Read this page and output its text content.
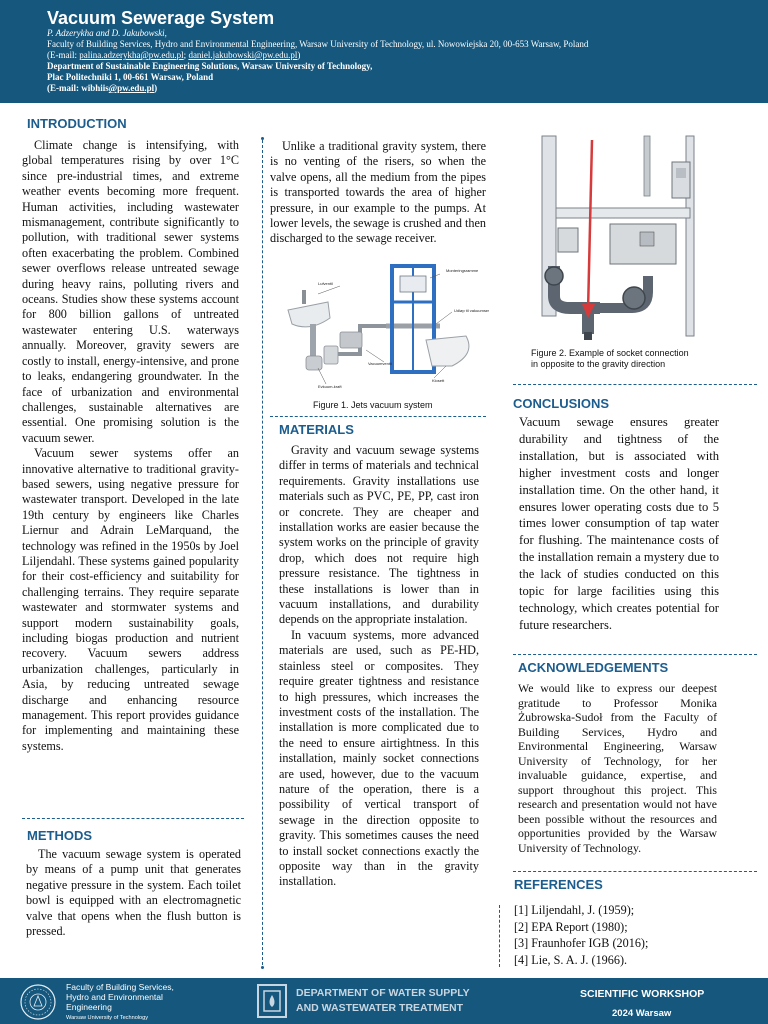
Vacuum Sewerage System
P. Adzerykha and D. Jakubowski,
Faculty of Building Services, Hydro and Environmental Engineering, Warsaw University of Technology, ul. Nowowiejska 20, 00-653 Warsaw, Poland
(E-mail: palina.adzerykha@pw.edu.pl; daniel.jakubowski@pw.edu.pl)
Department of Sustainable Engineering Solutions, Warsaw University of Technology,
Plac Politechniki 1, 00-661 Warsaw, Poland
(E-mail: wibhiis@pw.edu.pl)
INTRODUCTION

Climate change is intensifying, with global temperatures rising by over 1°C since pre-industrial times, and extreme weather events becoming more frequent. Human activities, including wastewater mismanagement, contribute significantly to pollution, with traditional sewer systems often exacerbating the problem. Combined sewer overflows release untreated sewage during heavy rains, polluting rivers and oceans. Studies show these systems account for 800 billion gallons of untreated wastewater entering U.S. waterways annually. Moreover, gravity sewers are costly to install, energy-intensive, and prone to leaks, endangering groundwater. In the face of urbanization and environmental challenges, sustainable alternatives are essential. One promising solution is the vacuum sewer.

Vacuum sewer systems offer an innovative alternative to traditional gravity-based sewers, using negative pressure for wastewater transport. Developed in the late 19th century by engineers like Charles Liernur and Adrain LeMarquand, the technology was refined in the 1950s by Joel Liljendahl. These systems gained popularity for their cost-efficiency and suitability for challenging terrains. They require separate wastewater and stormwater systems and support modern sustainability goals, including biogas production and nutrient recovery. Vacuum sewers address urbanization challenges, particularly in Asia, by reducing untreated sewage discharge and enhancing resource management. This report provides guidance for implementing and maintaining these systems.

METHODS

The vacuum sewage system is operated by means of a pump unit that generates negative pressure in the system. Each toilet bowl is equipped with an electromagnetic valve that opens when the flush button is pressed.

Unlike a traditional gravity system, there is no venting of the risers, so when the valve opens, all the medium from the pipes is transported towards the area of higher pressure, in our example to the pumps. At lower levels, the sewage is crushed and then discharged to the sewage receiver.

Lufventil
Monteringsramme
Udløp til vakuumrør
Vacuumventil
Evkuum-kraft
Klosett
Figure 1. Jets vacuum system
MATERIALS

Gravity and vacuum sewage systems differ in terms of materials and technical requirements. Gravity installations use materials such as PVC, PE, PP, cast iron or concrete. They are cheaper and installation works are easier because the system works on the principle of gravity drop, which does not require high pressure resistance. The tightness in these installations is lower than in vacuum installations, and durability depends on the appropriate instalation.

In vacuum systems, more advanced materials are used, such as PE-HD, stainless steel or composites. They require greater tightness and resistance to high pressures, which increases the investment costs of the installation. The installation is more complicated due to the need to ensure airtightness. In this installation, mainly socket connections are used, however, due to the vacuum nature of the operation, there is a possibility of vertical transport of sewage in the direction opposite to gravity. This sometimes causes the need to install socket connections exactly the opposite way than in the gravity installation.

Figure 2. Example of socket connection
in opposite to the gravity direction
CONCLUSIONS

Vacuum sewage ensures greater durability and tightness of the installation, but is associated with higher investment costs and longer installation time. On the other hand, it ensures lower operating costs due to 5 times lower consumption of tap water for flushing. The maintenance costs of the installation remain a mystery due to the lack of studies conducted on this topic for large facilities using this technology, which creates potential for future researchers.

ACKNOWLEDGEMENTS

We would like to express our deepest gratitude to Professor Monika Żubrowska-Sudoł from the Faculty of Building Services, Hydro and Environmental Engineering, Warsaw University of Technology, for her invaluable guidance, expertise, and support throughout this project. This research and presentation would not have been possible without the resources and opportunities provided by the Warsaw University of Technology.

REFERENCES
[1] Liljendahl, J. (1959);
[2] EPA Report (1980);
[3] Fraunhofer IGB (2016);
[4] Lie, S. A. J. (1966).
Faculty of Building Services,
Hydro and Environmental
Engineering
Warsaw University of Technology
DEPARTMENT OF WATER SUPPLY
AND WASTEWATER TREATMENT
SCIENTIFIC WORKSHOP
2024 Warsaw
